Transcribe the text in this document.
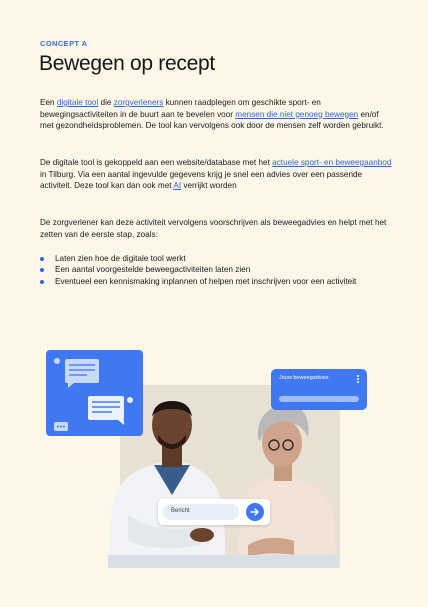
CONCEPT A
Bewegen op recept
Een digitale tool die zorgverleners kunnen raadplegen om geschikte sport- en bewegingsactiviteiten in de buurt aan te bevelen voor mensen die niet genoeg bewegen en/of met gezondheidsproblemen. De tool kan vervolgens ook door de mensen zelf worden gebruikt.
De digitale tool is gekoppeld aan een website/database met het actuele sport- en beweegaanbod in Tilburg. Via een aantal ingevulde gegevens krijg je snel een advies over een passende activiteit. Deze tool kan dan ook met AI verrijkt worden
De zorgverlener kan deze activiteit vervolgens voorschrijven als beweegadvies en helpt met het zetten van de eerste stap, zoals:
Laten zien hoe de digitale tool werkt
Een aantal voorgestelde beweegactiviteiten laten zien
Eventueel een kennismaking inplannen of helpen met inschrijven voor een activiteit
Jouw beweegadvies
Bericht
